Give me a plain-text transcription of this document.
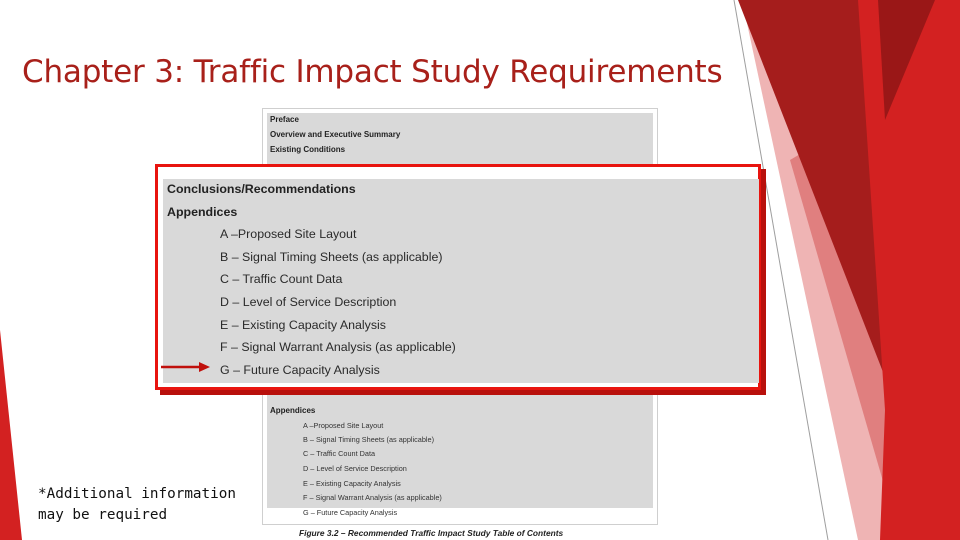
Chapter 3: Traffic Impact Study Requirements
Preface
Overview and Executive Summary
Existing Conditions
Appendices
A –Proposed Site Layout
B – Signal Timing Sheets (as applicable)
C – Traffic Count Data
D – Level of Service Description
E – Existing Capacity Analysis
F – Signal Warrant Analysis (as applicable)
G – Future Capacity Analysis
Figure 3.2 – Recommended Traffic Impact Study Table of Contents
Conclusions/Recommendations
Appendices
A –Proposed Site Layout
B – Signal Timing Sheets (as applicable)
C – Traffic Count Data
D – Level of Service Description
E – Existing Capacity Analysis
F – Signal Warrant Analysis (as applicable)
G – Future Capacity Analysis
*Additional information
may be required
